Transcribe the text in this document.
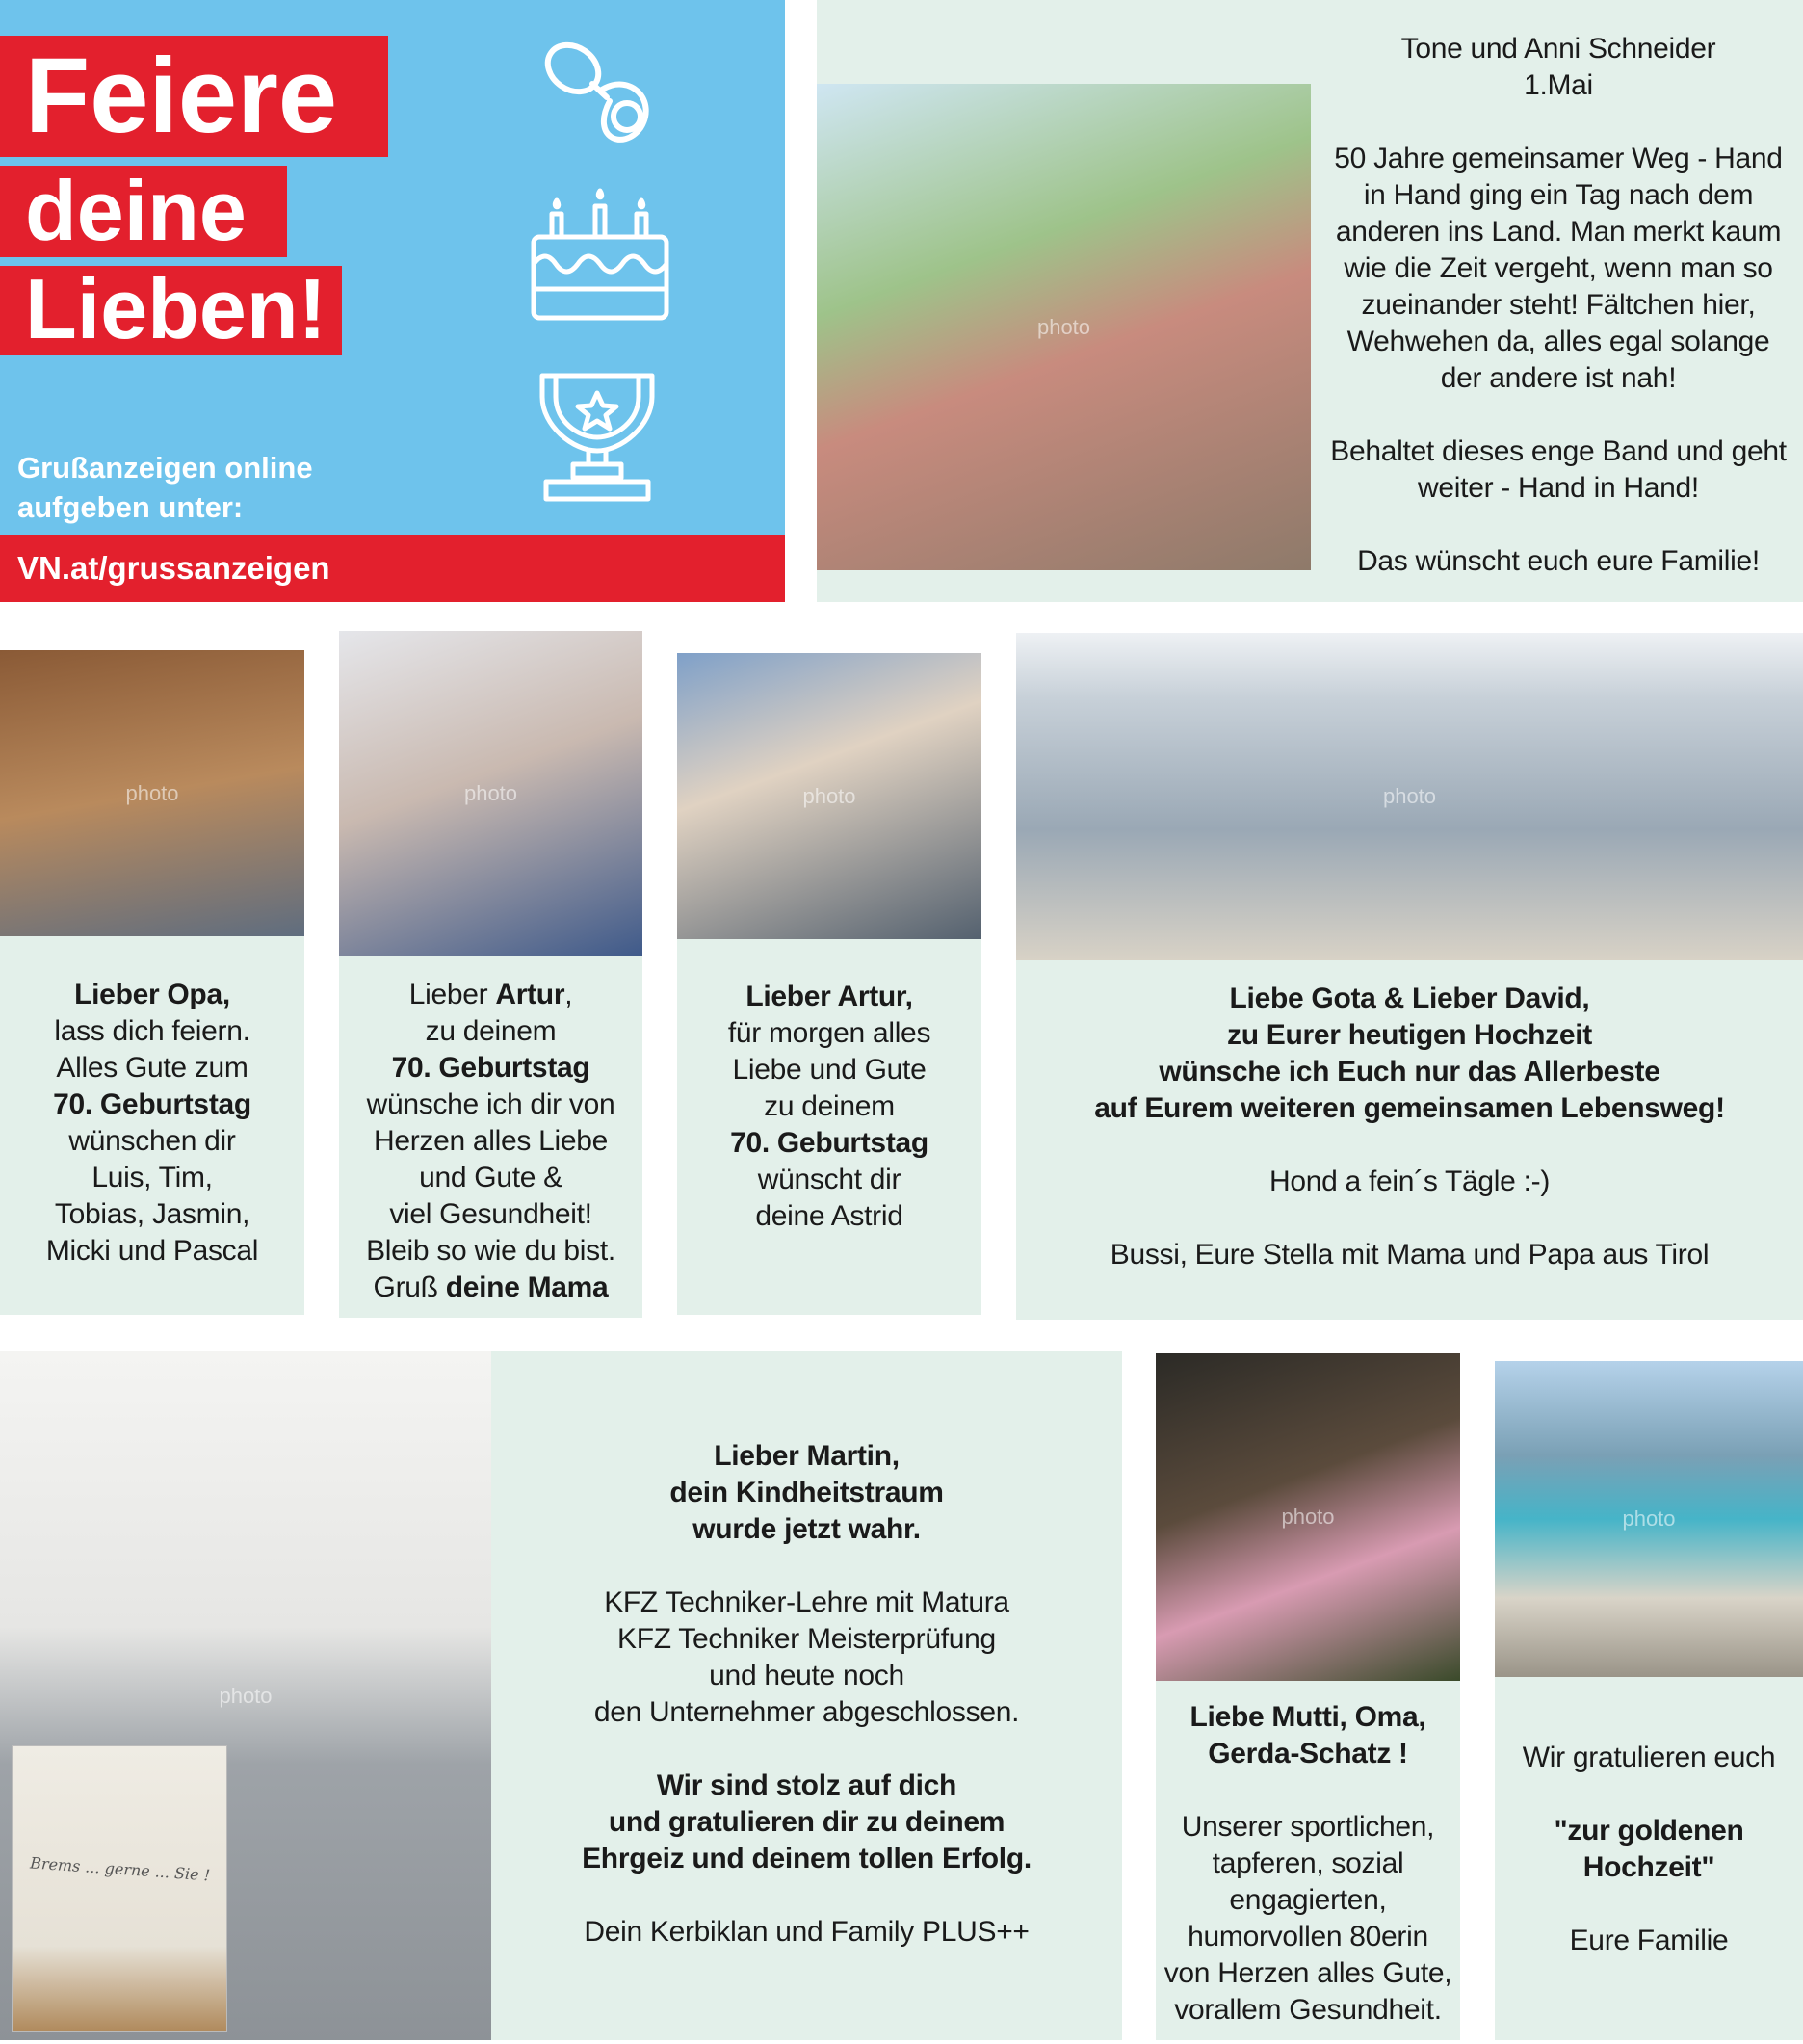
Feiere
deine
Lieben!
Grußanzeigen online
aufgeben unter:
VN.at/grussanzeigen
photo

Tone und Anni Schneider

1.Mai

50 Jahre gemeinsamer Weg - Hand in Hand ging ein Tag nach dem anderen ins Land. Man merkt kaum wie die Zeit vergeht, wenn man so zueinander steht! Fältchen hier, Wehwehen da, alles egal solange der andere ist nah!

Behaltet dieses enge Band und geht weiter - Hand in Hand!

Das wünscht euch eure Familie!

photo

Lieber Opa,

lass dich feiern.

Alles Gute zum

70. Geburtstag

wünschen dir

Luis, Tim,

Tobias, Jasmin,

Micki und Pascal

photo

Lieber Artur,

zu deinem

70. Geburtstag

wünsche ich dir von

Herzen alles Liebe

und Gute &

viel Gesundheit!

Bleib so wie du bist.

Gruß deine Mama

photo

Lieber Artur,

für morgen alles

Liebe und Gute

zu deinem

70. Geburtstag

wünscht dir

deine Astrid

photo

Liebe Gota & Lieber David,

zu Eurer heutigen Hochzeit

wünsche ich Euch nur das Allerbeste

auf Eurem weiteren gemeinsamen Lebensweg!

Hond a fein´s Tägle :-)

Bussi, Eure Stella mit Mama und Papa aus Tirol

photo
Brems ... gerne ... Sie !

Lieber Martin,

dein Kindheitstraum

wurde jetzt wahr.

KFZ Techniker-Lehre mit Matura

KFZ Techniker Meisterprüfung

und heute noch

den Unternehmer abgeschlossen.

Wir sind stolz auf dich

und gratulieren dir zu deinem

Ehrgeiz und deinem tollen Erfolg.

Dein Kerbiklan und Family PLUS++

photo

Liebe Mutti, Oma,

Gerda-Schatz !

Unserer sportlichen,

tapferen, sozial

engagierten,

humorvollen 80erin

von Herzen alles Gute,

vorallem Gesundheit.

photo

Wir gratulieren euch

"zur goldenen

Hochzeit"

Eure Familie
